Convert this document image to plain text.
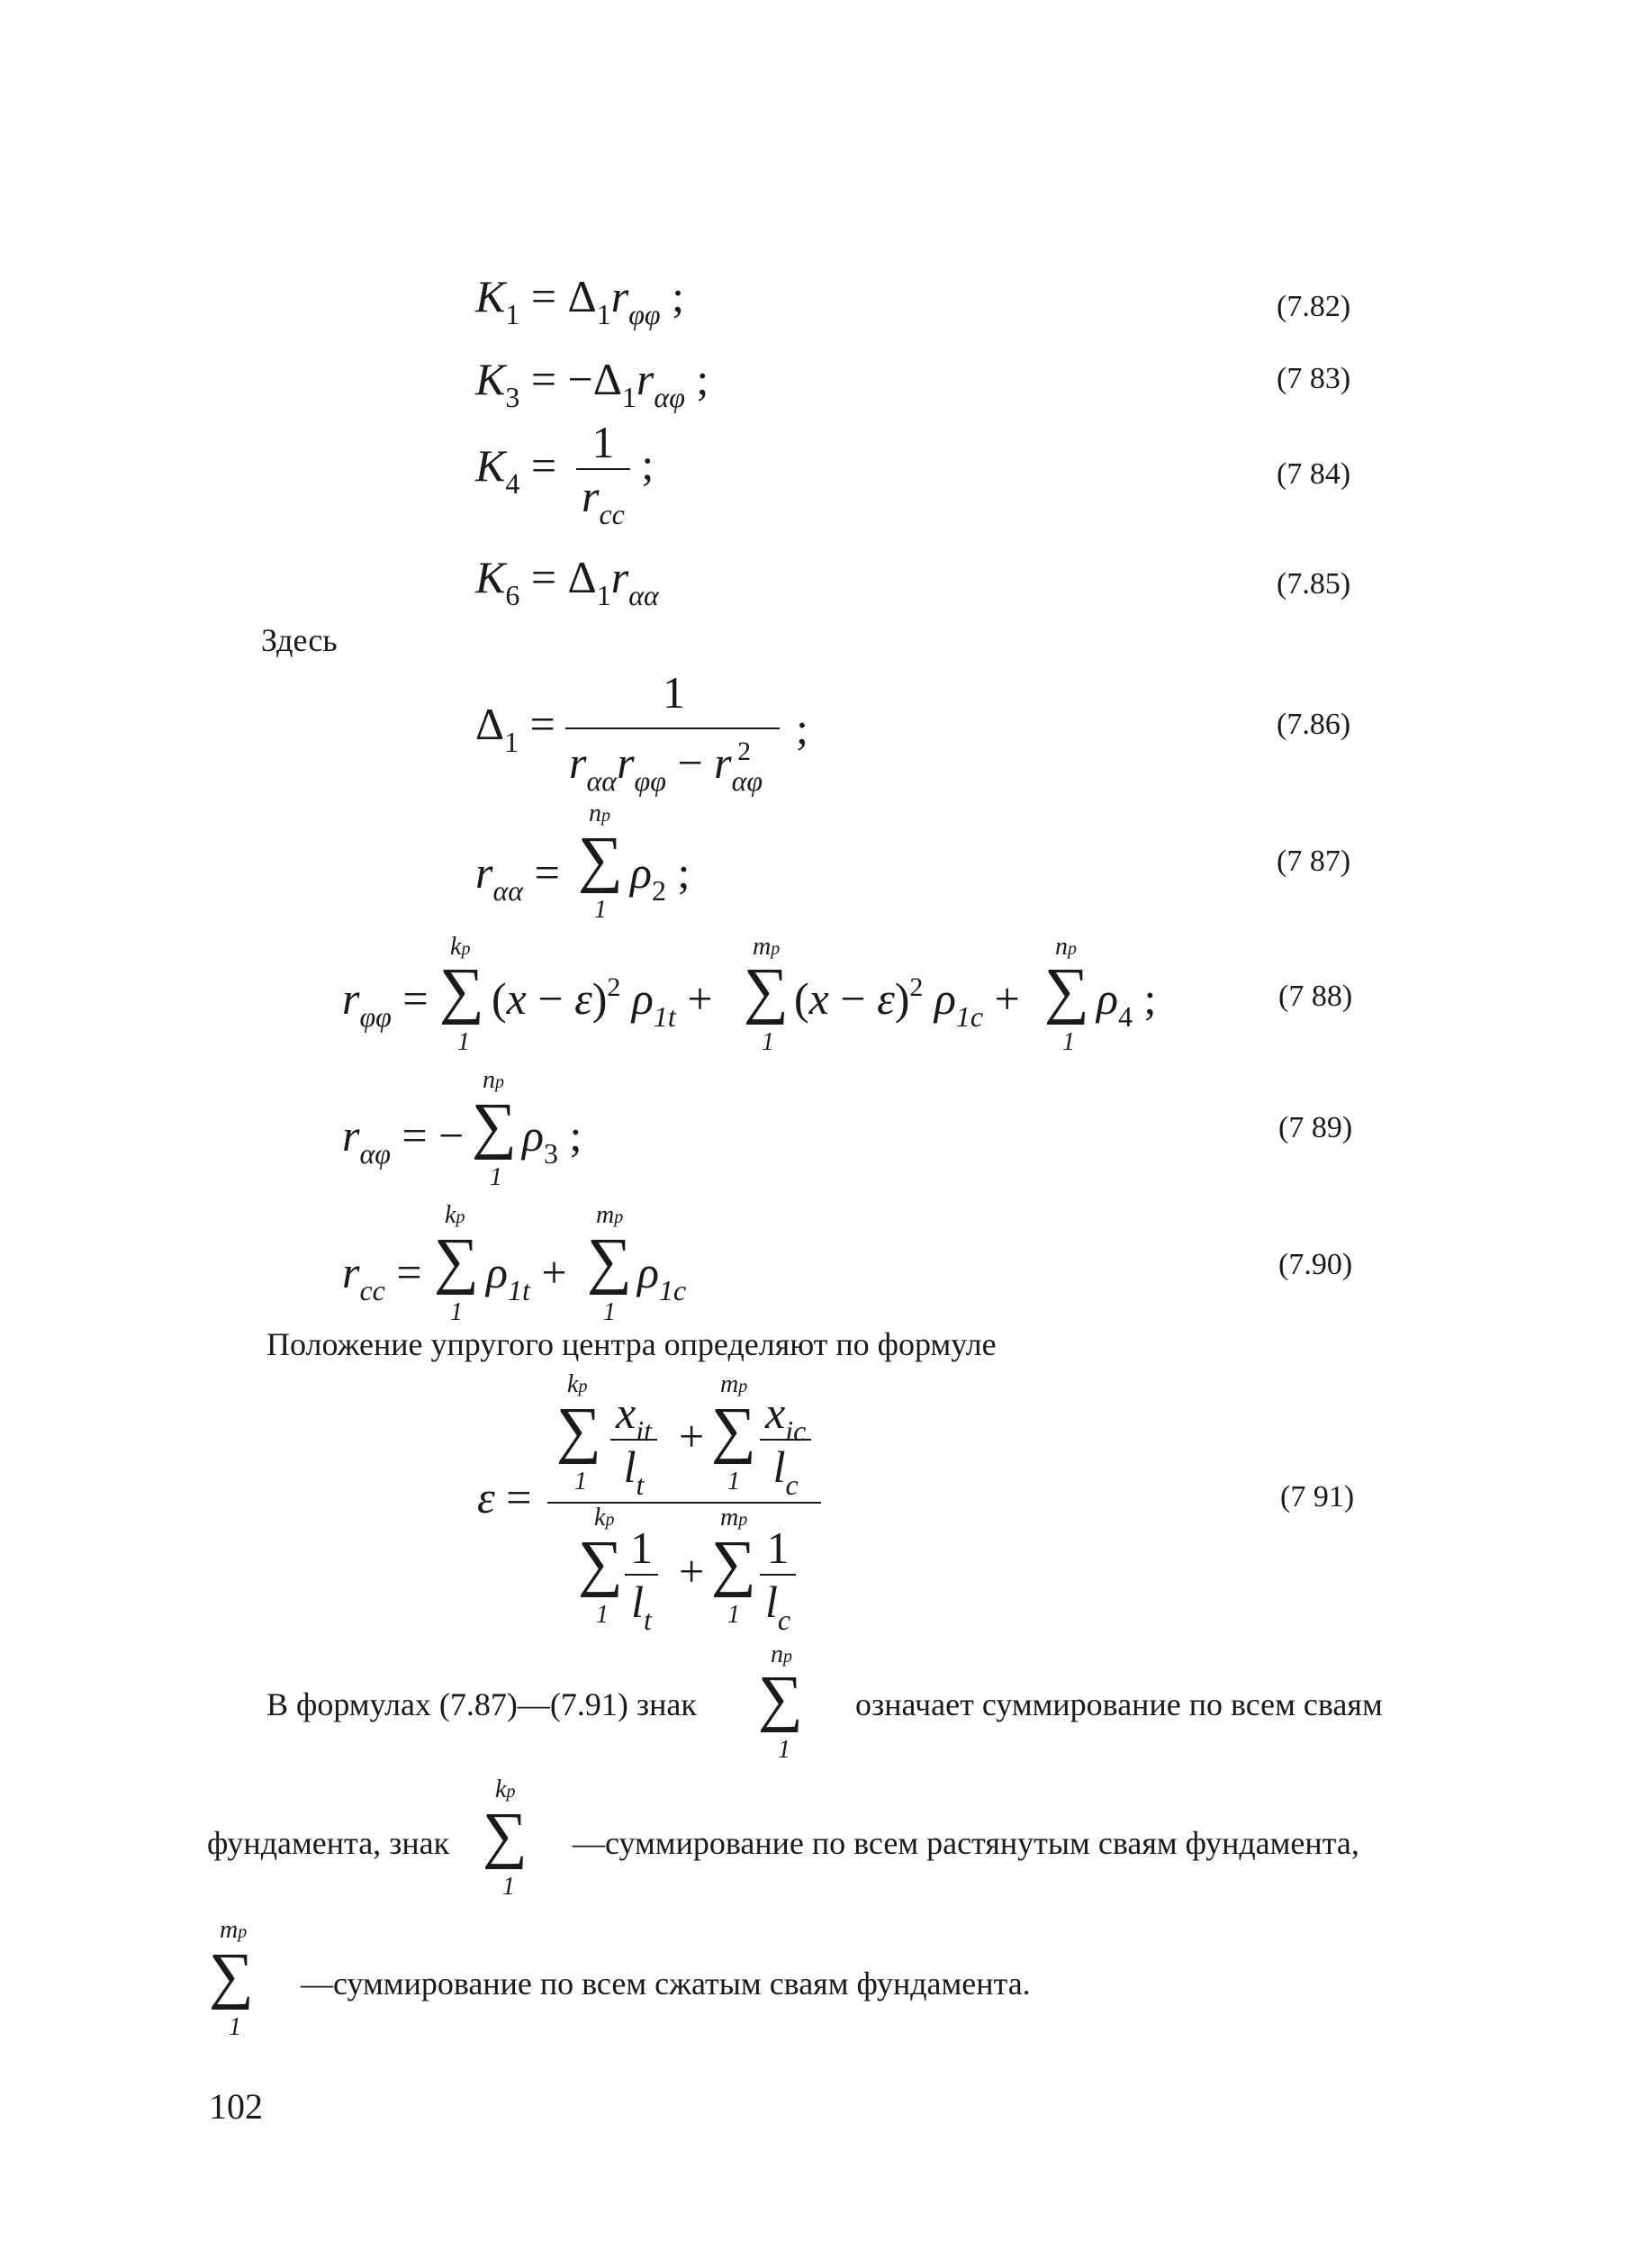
$K_1 = \Delta_1r_{\varphi\varphi}$ ;	(7.82)
$K_3 = -\Delta_1r_{\alpha\varphi}$ ;	(7 83)
$K_4 = \frac{1}{r_{cc}}$ ;	(7 84)
$K_6 = \Delta_1r_{\alpha\alpha}$	(7.85)
Здесь
$\Delta_1$ =
1
$r_{\alpha\alpha}r_{\varphi\varphi} - r_{\alpha\varphi}^2$ ;	(7.86)
$r_{\alpha\alpha}$ =
np
∑
1
$\rho_2$ ;	(7 87)
$r_{\varphi\varphi}$ =
kp
∑
1
$(x - \varepsilon)^2$ $\rho_{1t}$ +
mp
∑
1
$(x - \varepsilon)^2$ $\rho_{1c}$ +
np
∑
1
$\rho_4$ ;	(7 88)
$r_{\alpha\varphi}$ = −
np
∑
1
$\rho_3$ ;	(7 89)
$r_{cc}$ =
kp
∑
1
$\rho_{1t}$ +
mp
∑
1
$\rho_{1c}$
(7.90)
Положение упругого центра определяют по формуле
ε =
kp
∑
$1 \frac{x_{it}}{l_t}$ +
mp
∑
$1 \frac{x_{ic}}{l_c}$
kp
∑
$1 \frac{1}{l_t}$ +
mp
∑
$1 \frac{1}{l_c}$
(7 91)
В формулах (7.87)—(7.91) знак
np
∑
1
означает суммирование по всем сваям
фундамента, знак
kp
∑
1
—суммирование по всем растянутым сваям фундамента,
mp
∑
1
—суммирование по всем сжатым сваям фундамента.
102
